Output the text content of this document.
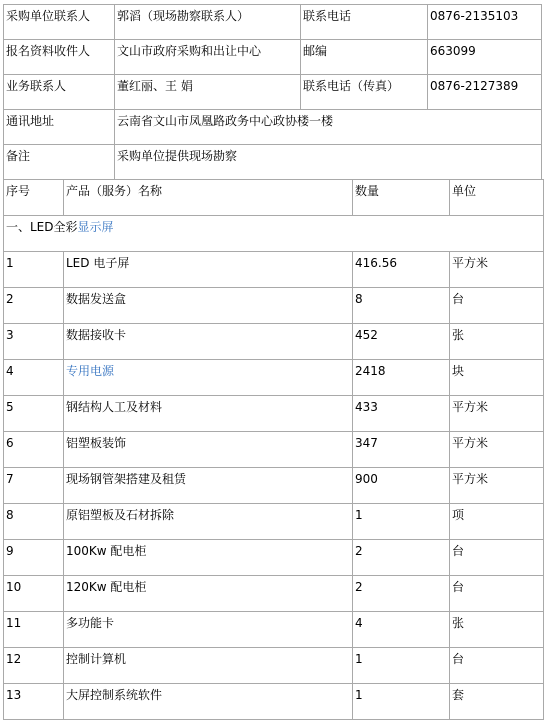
采购单位联系人	郭滔（现场勘察联系人）	联系电话	0876-2135103
报名资料收件人	文山市政府采购和出让中心	邮编	663099
业务联系人	董红丽、王 娟	联系电话（传真）	0876-2127389
通讯地址	云南省文山市凤凰路政务中心政协楼一楼		
备注	采购单位提供现场勘察		
序号	产品（服务）名称	数量	单位
一、LED全彩显示屏			
1	LED 电子屏	416.56	平方米
2	数据发送盒	8	台
3	数据接收卡	452	张
4	专用电源	2418	块
5	钢结构人工及材料	433	平方米
6	铝塑板装饰	347	平方米
7	现场钢管架搭建及租赁	900	平方米
8	原铝塑板及石材拆除	1	项
9	100Kw 配电柜	2	台
10	120Kw 配电柜	2	台
11	多功能卡	4	张
12	控制计算机	1	台
13	大屏控制系统软件	1	套
